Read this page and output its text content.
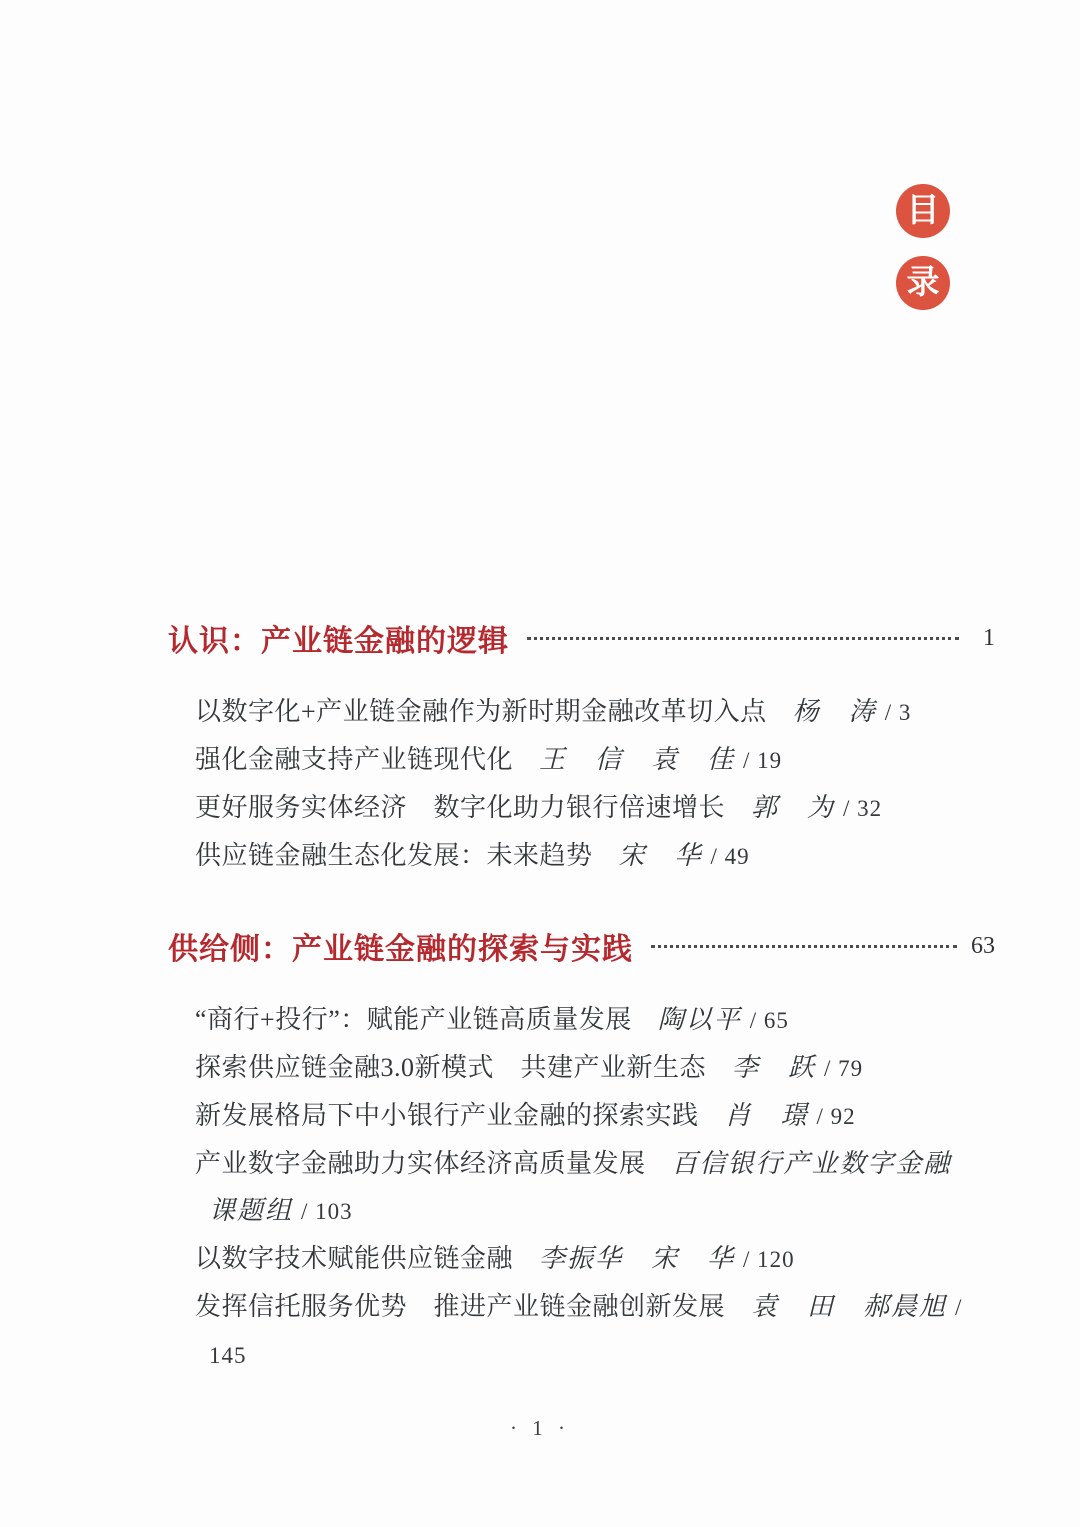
目
录
认识：产业链金融的逻辑	1
以数字化+产业链金融作为新时期金融改革切入点 杨　涛 / 3
强化金融支持产业链现代化 王　信　袁　佳 / 19
更好服务实体经济　数字化助力银行倍速增长 郭　为 / 32
供应链金融生态化发展：未来趋势 宋　华 / 49
供给侧：产业链金融的探索与实践	63
“商行+投行”：赋能产业链高质量发展 陶以平 / 65
探索供应链金融3.0新模式　共建产业新生态 李　跃 / 79
新发展格局下中小银行产业金融的探索实践 肖　璟 / 92
产业数字金融助力实体经济高质量发展 百信银行产业数字金融
课题组 / 103
以数字技术赋能供应链金融 李振华　宋　华 / 120
发挥信托服务优势　推进产业链金融创新发展 袁　田　郝晨旭 / 145
· 1 ·
